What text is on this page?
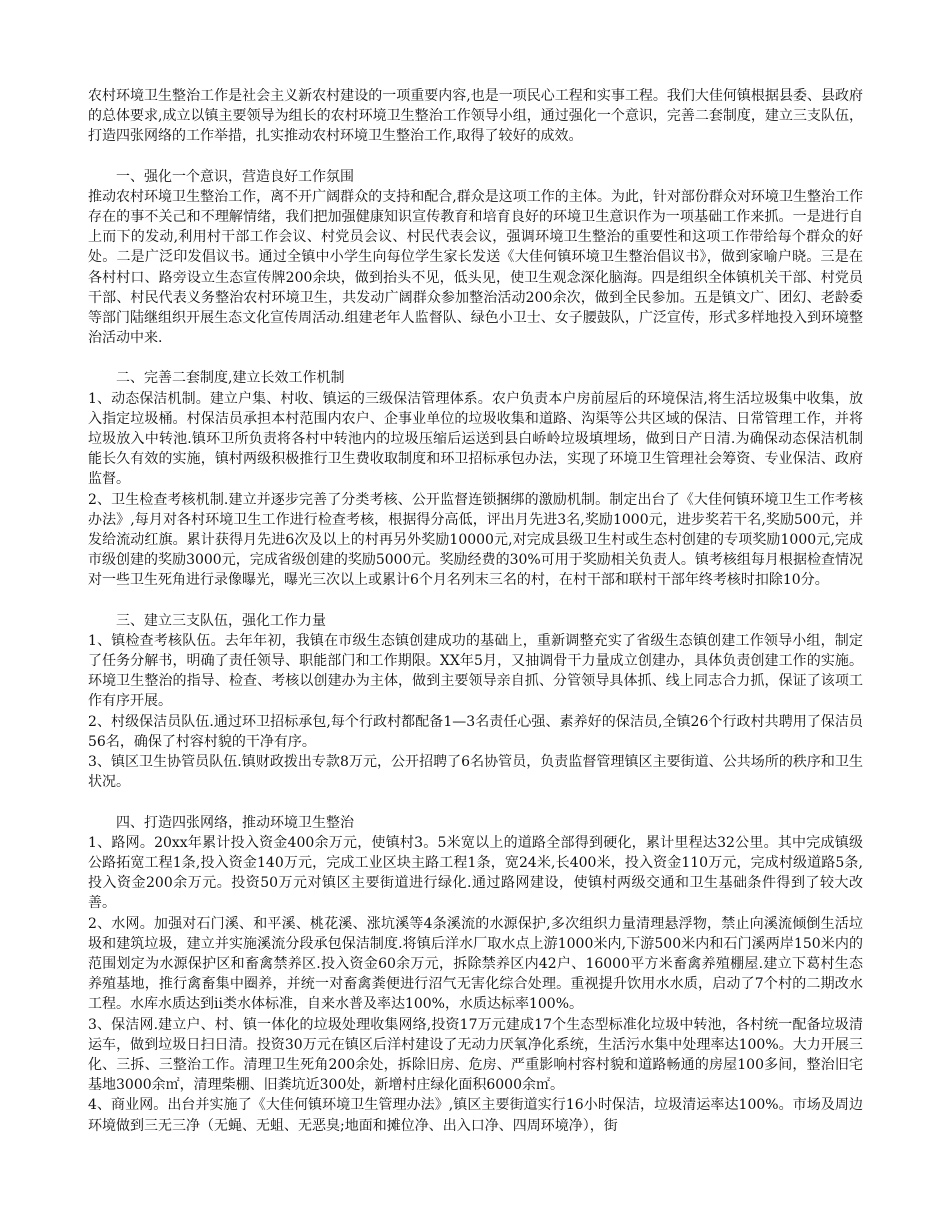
农村环境卫生整治工作是社会主义新农村建设的一项重要内容,也是一项民心工程和实事工程。我们大佳何镇根据县委、县政府的总体要求,成立以镇主要领导为组长的农村环境卫生整治工作领导小组，通过强化一个意识，完善二套制度，建立三支队伍，打造四张网络的工作举措，扎实推动农村环境卫生整治工作,取得了较好的成效。

一、强化一个意识，营造良好工作氛围

推动农村环境卫生整治工作，离不开广阔群众的支持和配合,群众是这项工作的主体。为此，针对部份群众对环境卫生整治工作存在的事不关己和不理解情绪，我们把加强健康知识宣传教育和培育良好的环境卫生意识作为一项基础工作来抓。一是进行自上而下的发动,利用村干部工作会议、村党员会议、村民代表会议，强调环境卫生整治的重要性和这项工作带给每个群众的好处。二是广泛印发倡议书。通过全镇中小学生向每位学生家长发送《大佳何镇环境卫生整治倡议书》，做到家喻户晓。三是在各村村口、路旁设立生态宣传牌200余块，做到抬头不见，低头见，使卫生观念深化脑海。四是组织全体镇机关干部、村党员干部、村民代表义务整治农村环境卫生，共发动广阔群众参加整治活动200余次，做到全民参加。五是镇文广、团幻、老龄委等部门陆继组织开展生态文化宣传周活动.组建老年人监督队、绿色小卫士、女子腰鼓队，广泛宣传，形式多样地投入到环境整治活动中来.

二、完善二套制度,建立长效工作机制

1、动态保洁机制。建立户集、村收、镇运的三级保洁管理体系。农户负责本户房前屋后的环境保洁,将生活垃圾集中收集，放入指定垃圾桶。村保洁员承担本村范围内农户、企事业单位的垃圾收集和道路、沟渠等公共区域的保洁、日常管理工作，并将垃圾放入中转池.镇环卫所负责将各村中转池内的垃圾压缩后运送到县白峤岭垃圾填埋场，做到日产日清.为确保动态保洁机制能长久有效的实施，镇村两级积极推行卫生费收取制度和环卫招标承包办法，实现了环境卫生管理社会筹资、专业保洁、政府监督。

2、卫生检查考核机制.建立并逐步完善了分类考核、公开监督连锁捆绑的激励机制。制定出台了《大佳何镇环境卫生工作考核办法》,每月对各村环境卫生工作进行检查考核，根据得分高低，评出月先进3名,奖励1000元，进步奖若干名,奖励500元，并发给流动红旗。累计获得月先进6次及以上的村再另外奖励10000元,对完成县级卫生村或生态村创建的专项奖励1000元,完成市级创建的奖励3000元，完成省级创建的奖励5000元。奖励经费的30%可用于奖励相关负责人。镇考核组每月根据检查情况对一些卫生死角进行录像曝光，曝光三次以上或累计6个月名列末三名的村，在村干部和联村干部年终考核时扣除10分。

三、建立三支队伍，强化工作力量

1、镇检查考核队伍。去年年初，我镇在市级生态镇创建成功的基础上，重新调整充实了省级生态镇创建工作领导小组，制定了任务分解书，明确了责任领导、职能部门和工作期限。XX年5月，又抽调骨干力量成立创建办，具体负责创建工作的实施。环境卫生整治的指导、检查、考核以创建办为主体，做到主要领导亲自抓、分管领导具体抓、线上同志合力抓，保证了该项工作有序开展。

2、村级保洁员队伍.通过环卫招标承包,每个行政村都配备1—3名责任心强、素养好的保洁员,全镇26个行政村共聘用了保洁员56名，确保了村容村貌的干净有序。

3、镇区卫生协管员队伍.镇财政拨出专款8万元，公开招聘了6名协管员，负责监督管理镇区主要街道、公共场所的秩序和卫生状况。

四、打造四张网络，推动环境卫生整治

1、路网。20xx年累计投入资金400余万元，使镇村3。5米宽以上的道路全部得到硬化，累计里程达32公里。其中完成镇级公路拓宽工程1条,投入资金140万元，完成工业区块主路工程1条，宽24米,长400米，投入资金110万元，完成村级道路5条,投入资金200余万元。投资50万元对镇区主要街道进行绿化.通过路网建设，使镇村两级交通和卫生基础条件得到了较大改善。

2、水网。加强对石门溪、和平溪、桃花溪、涨坑溪等4条溪流的水源保护,多次组织力量清理悬浮物，禁止向溪流倾倒生活垃圾和建筑垃圾，建立并实施溪流分段承包保洁制度.将镇后洋水厂取水点上游1000米内,下游500米内和石门溪两岸150米内的范围划定为水源保护区和畜禽禁养区.投入资金60余万元，拆除禁养区内42户、16000平方米畜禽养殖棚屋.建立下葛村生态养殖基地，推行禽畜集中圈养，并统一对畜禽粪便进行沼气无害化综合处理。重视提升饮用水水质，启动了7个村的二期改水工程。水库水质达到ⅱ类水体标准，自来水普及率达100%，水质达标率100%。

3、保洁网.建立户、村、镇一体化的垃圾处理收集网络,投资17万元建成17个生态型标准化垃圾中转池，各村统一配备垃圾清运车，做到垃圾日扫日清。投资30万元在镇区后洋村建设了无动力厌氧净化系统，生活污水集中处理率达100%。大力开展三化、三拆、三整治工作。清理卫生死角200余处，拆除旧房、危房、严重影响村容村貌和道路畅通的房屋100多间，整治旧宅基地3000余㎡，清理柴棚、旧粪坑近300处，新增村庄绿化面积6000余㎡。

4、商业网。出台并实施了《大佳何镇环境卫生管理办法》,镇区主要街道实行16小时保洁，垃圾清运率达100%。市场及周边环境做到三无三净（无蝇、无蛆、无恶臭;地面和摊位净、出入口净、四周环境净），街
